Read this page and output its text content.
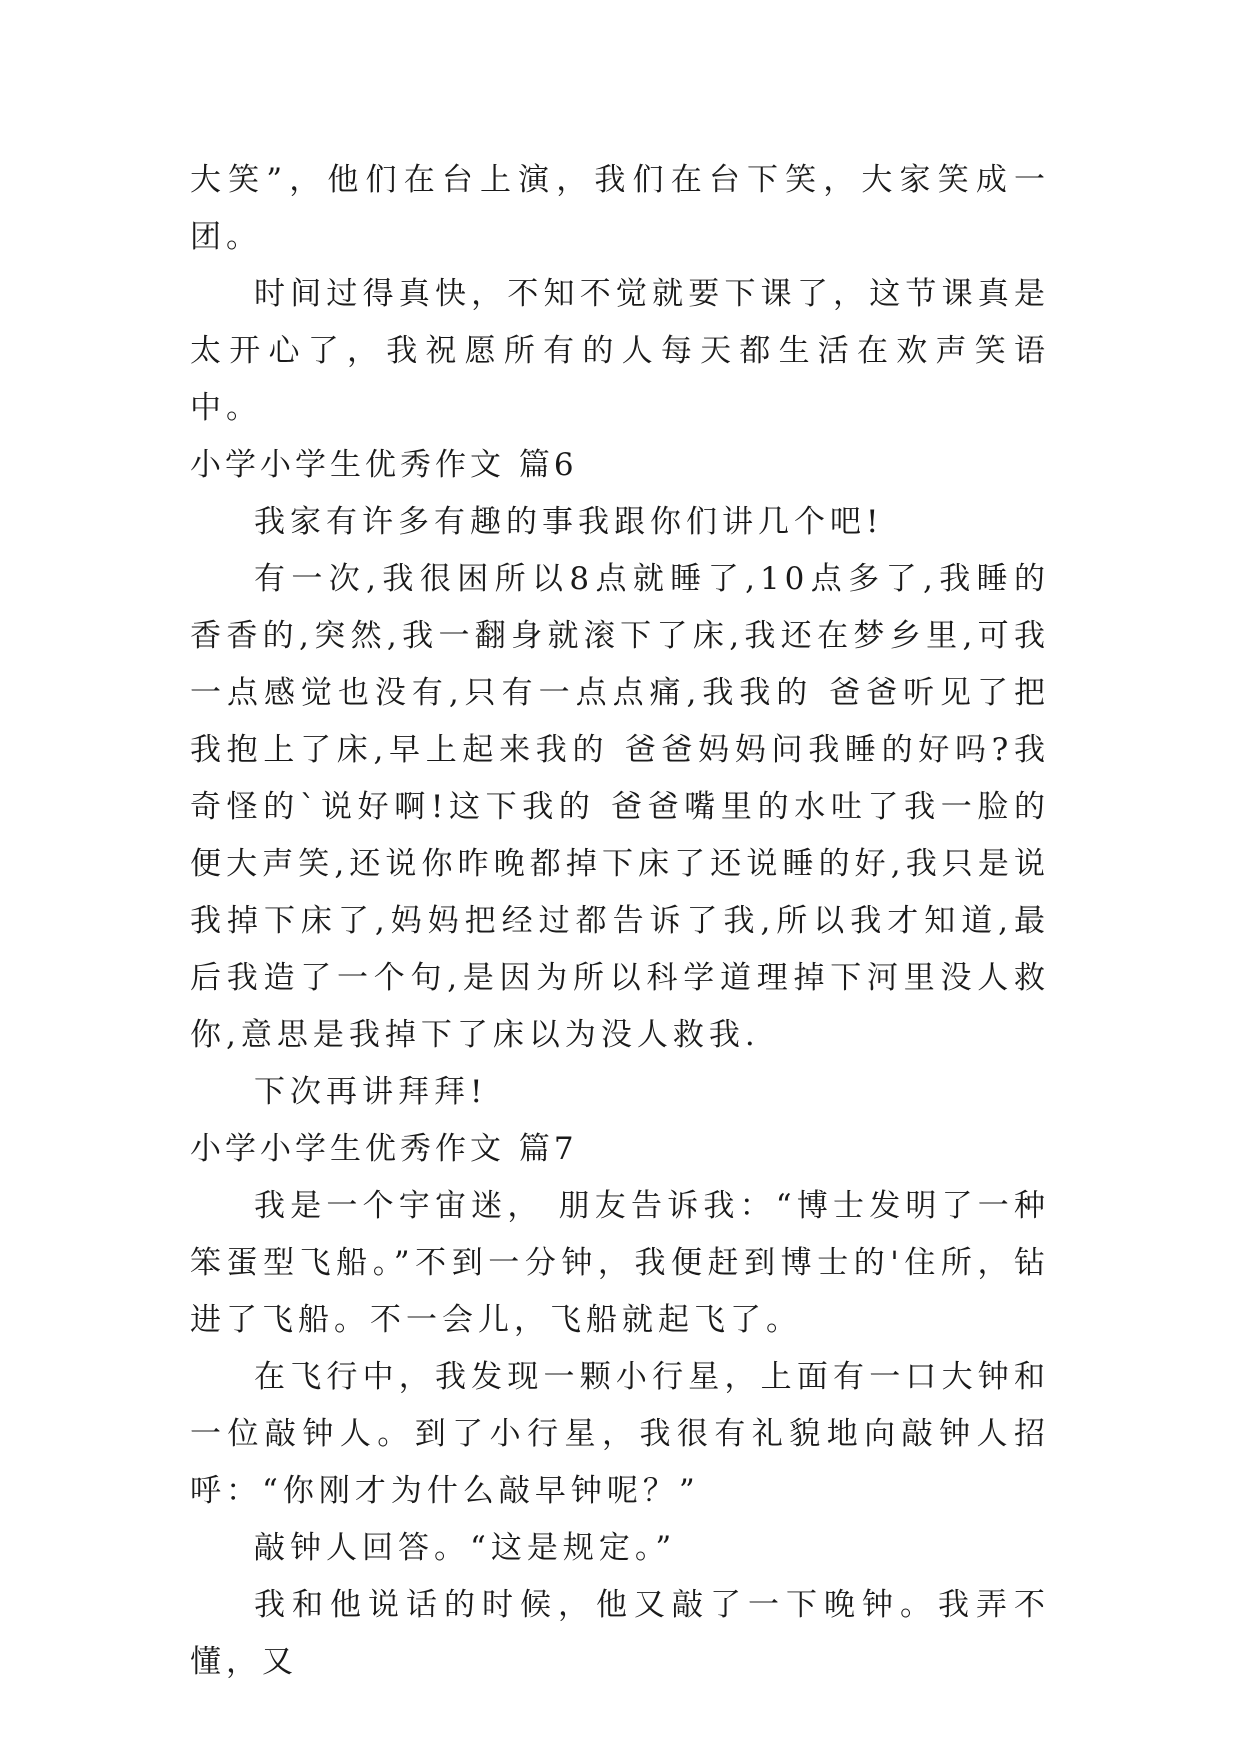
大笑”，他们在台上演，我们在台下笑，大家笑成一团。

时间过得真快，不知不觉就要下课了，这节课真是太开心了，我祝愿所有的人每天都生活在欢声笑语中。

小学小学生优秀作文 篇6

我家有许多有趣的事我跟你们讲几个吧!

有一次,我很困所以8点就睡了,10点多了,我睡的香香的,突然,我一翻身就滚下了床,我还在梦乡里,可我一点感觉也没有,只有一点点痛,我我的 爸爸听见了把我抱上了床,早上起来我的 爸爸妈妈问我睡的好吗?我奇怪的`说好啊!这下我的 爸爸嘴里的水吐了我一脸的便大声笑,还说你昨晚都掉下床了还说睡的好,我只是说我掉下床了,妈妈把经过都告诉了我,所以我才知道,最后我造了一个句,是因为所以科学道理掉下河里没人救你,意思是我掉下了床以为没人救我.

下次再讲拜拜!

小学小学生优秀作文 篇7

我是一个宇宙迷， 朋友告诉我：“博士发明了一种笨蛋型飞船。”不到一分钟，我便赶到博士的'住所，钻进了飞船。不一会儿，飞船就起飞了。

在飞行中，我发现一颗小行星，上面有一口大钟和一位敲钟人。到了小行星，我很有礼貌地向敲钟人招呼：“你刚才为什么敲早钟呢？”

敲钟人回答。“这是规定。”

我和他说话的时候，他又敲了一下晚钟。我弄不懂，又
